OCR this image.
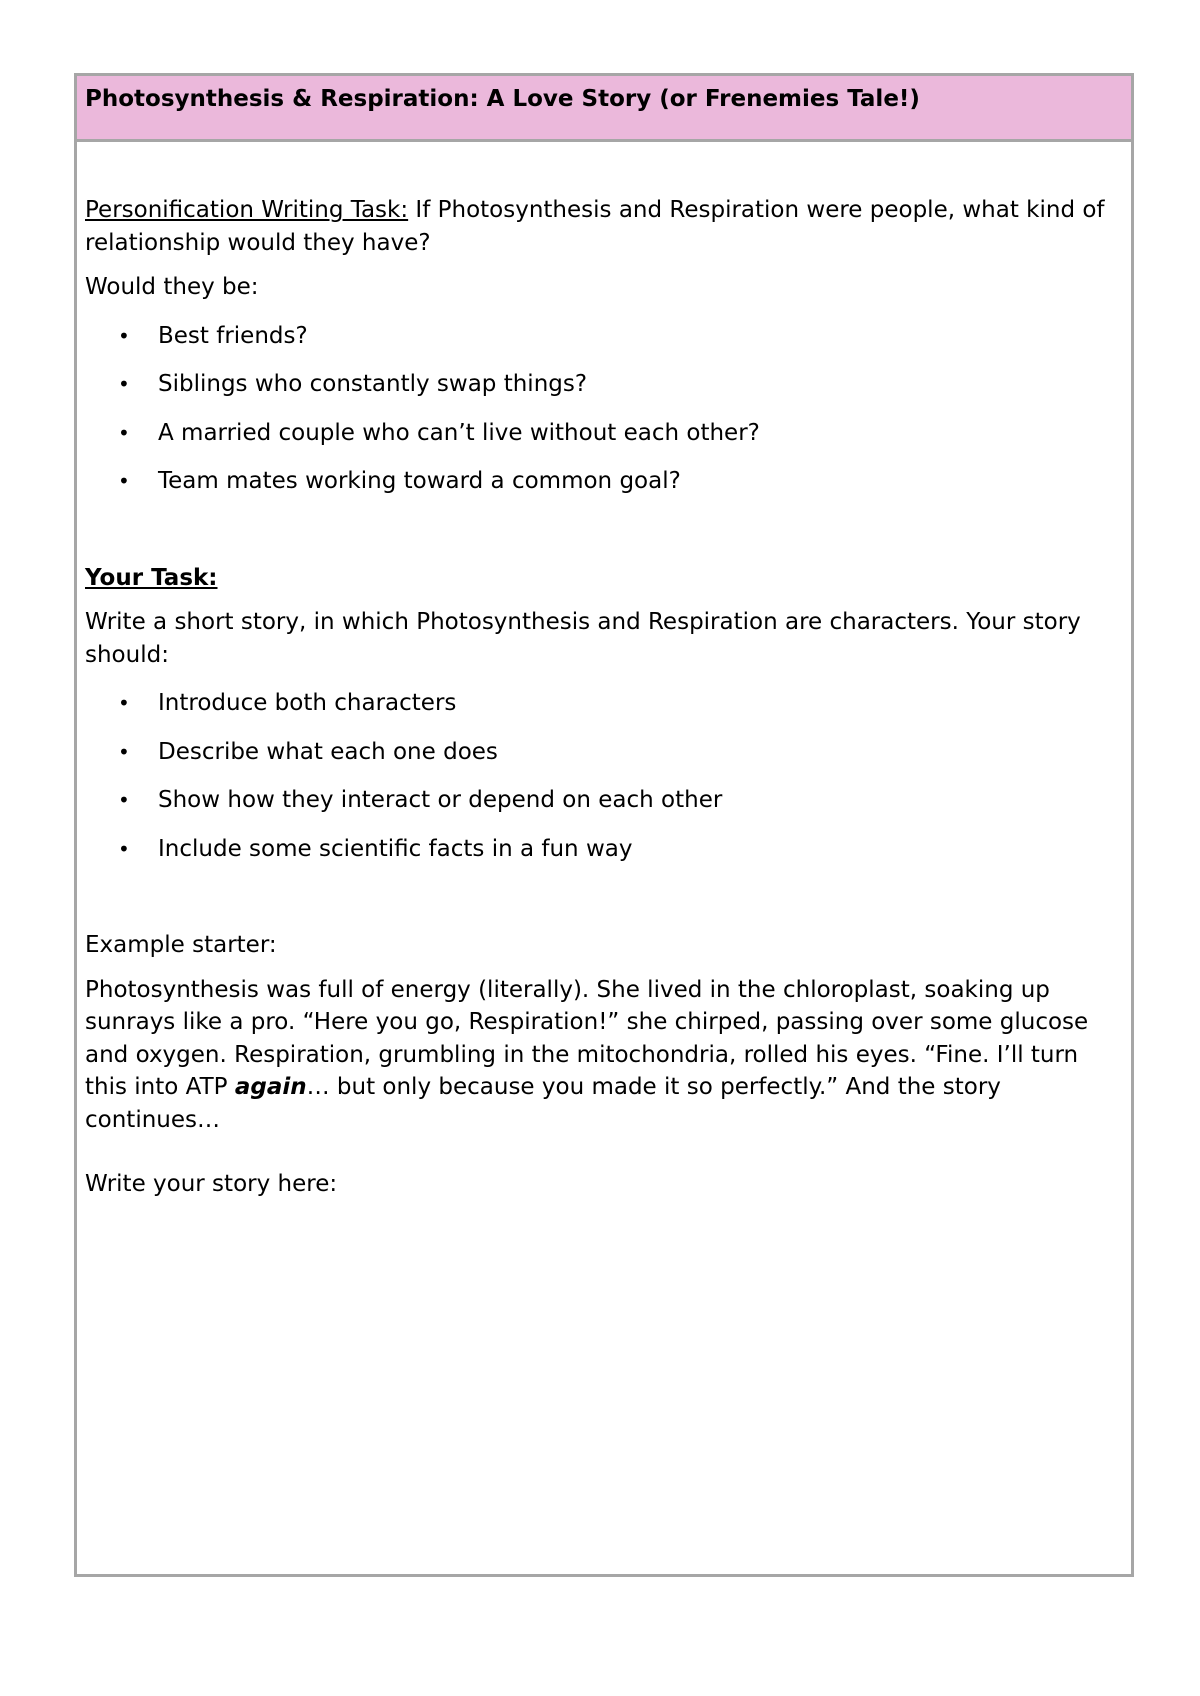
Photosynthesis & Respiration: A Love Story (or Frenemies Tale!)

Personification Writing Task: If Photosynthesis and Respiration were people, what kind of relationship would they have?

Would they be:

• Best friends?
• Siblings who constantly swap things?
• A married couple who can’t live without each other?
• Team mates working toward a common goal?

Your Task:

Write a short story, in which Photosynthesis and Respiration are characters. Your story should:

• Introduce both characters
• Describe what each one does
• Show how they interact or depend on each other
• Include some scientific facts in a fun way

Example starter:

Photosynthesis was full of energy (literally). She lived in the chloroplast, soaking up sunrays like a pro. “Here you go, Respiration!” she chirped, passing over some glucose and oxygen. Respiration, grumbling in the mitochondria, rolled his eyes. “Fine. I’ll turn this into ATP again… but only because you made it so perfectly.” And the story continues…

Write your story here:
